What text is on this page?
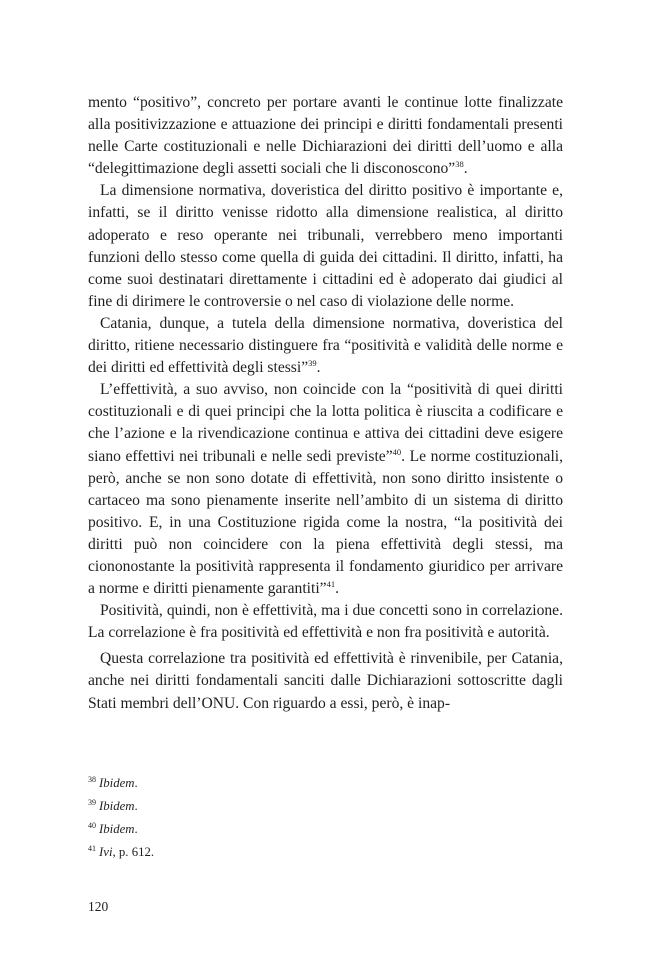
mento “positivo”, concreto per portare avanti le continue lotte finalizzate alla positivizzazione e attuazione dei principi e diritti fondamentali presenti nelle Carte costituzionali e nelle Dichiarazioni dei diritti dell’uomo e alla “delegittimazione degli assetti sociali che li disconoscono”$^{38}$.

La dimensione normativa, doveristica del diritto positivo è importante e, infatti, se il diritto venisse ridotto alla dimensione realistica, al diritto adoperato e reso operante nei tribunali, verrebbero meno importanti funzioni dello stesso come quella di guida dei cittadini. Il diritto, infatti, ha come suoi destinatari direttamente i cittadini ed è adoperato dai giudici al fine di dirimere le controversie o nel caso di violazione delle norme.

Catania, dunque, a tutela della dimensione normativa, doveristica del diritto, ritiene necessario distinguere fra “positività e validità delle norme e dei diritti ed effettività degli stessi”$^{39}$.

L’effettività, a suo avviso, non coincide con la “positività di quei diritti costituzionali e di quei principi che la lotta politica è riuscita a codificare e che l’azione e la rivendicazione continua e attiva dei cittadini deve esigere siano effettivi nei tribunali e nelle sedi previste”$^{40}$. Le norme costituzionali, però, anche se non sono dotate di effettività, non sono diritto insistente o cartaceo ma sono pienamente inserite nell’ambito di un sistema di diritto positivo. E, in una Costituzione rigida come la nostra, “la positività dei diritti può non coincidere con la piena effettività degli stessi, ma ciononostante la positività rappresenta il fondamento giuridico per arrivare a norme e diritti pienamente garantiti”$^{41}$.

Positività, quindi, non è effettività, ma i due concetti sono in correlazione. La correlazione è fra positività ed effettività e non fra positività e autorità.

Questa correlazione tra positività ed effettività è rinvenibile, per Catania, anche nei diritti fondamentali sanciti dalle Dichiarazioni sottoscritte dagli Stati membri dell’ONU. Con riguardo a essi, però, è inap-

$^{38}$ Ibidem.
$^{39}$ Ibidem.
$^{40}$ Ibidem.
$^{41}$ Ivi, p. 612.
120
